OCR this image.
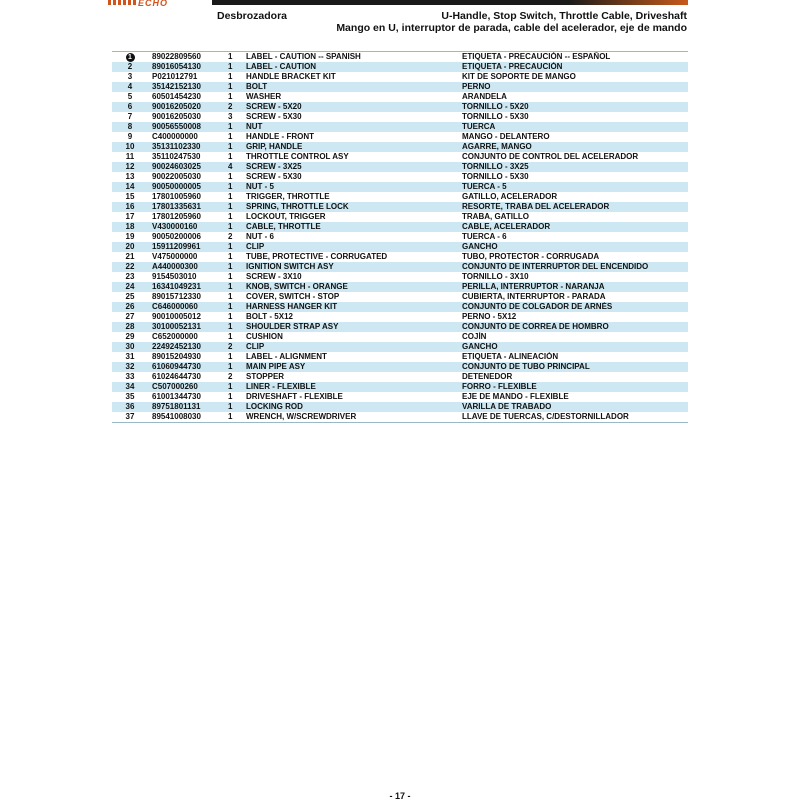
ECHO
Desbrozadora	U-Handle, Stop Switch, Throttle Cable, Driveshaft
Mango en U, interruptor de parada, cable del acelerador, eje de mando
1	89022809560	1	LABEL - CAUTION -- SPANISH	ETIQUETA - PRECAUCIÓN -- ESPAÑOL
2	89016054130	1	LABEL - CAUTION	ETIQUETA - PRECAUCIÓN
3	P021012791	1	HANDLE BRACKET KIT	KIT DE SOPORTE DE MANGO
4	35142152130	1	BOLT	PERNO
5	60501454230	1	WASHER	ARANDELA
6	90016205020	2	SCREW - 5X20	TORNILLO - 5X20
7	90016205030	3	SCREW - 5X30	TORNILLO - 5X30
8	90056550008	1	NUT	TUERCA
9	C400000000	1	HANDLE - FRONT	MANGO - DELANTERO
10	35131102330	1	GRIP, HANDLE	AGARRE, MANGO
11	35110247530	1	THROTTLE CONTROL ASY	CONJUNTO DE CONTROL DEL ACELERADOR
12	90024603025	4	SCREW - 3X25	TORNILLO - 3X25
13	90022005030	1	SCREW - 5X30	TORNILLO - 5X30
14	90050000005	1	NUT - 5	TUERCA - 5
15	17801005960	1	TRIGGER, THROTTLE	GATILLO, ACELERADOR
16	17801335631	1	SPRING, THROTTLE LOCK	RESORTE, TRABA DEL ACELERADOR
17	17801205960	1	LOCKOUT, TRIGGER	TRABA, GATILLO
18	V430000160	1	CABLE, THROTTLE	CABLE, ACELERADOR
19	90050200006	2	NUT - 6	TUERCA - 6
20	15911209961	1	CLIP	GANCHO
21	V475000000	1	TUBE, PROTECTIVE - CORRUGATED	TUBO, PROTECTOR - CORRUGADA
22	A440000300	1	IGNITION SWITCH ASY	CONJUNTO DE INTERRUPTOR DEL ENCENDIDO
23	9154503010	1	SCREW - 3X10	TORNILLO - 3X10
24	16341049231	1	KNOB, SWITCH - ORANGE	PERILLA, INTERRUPTOR - NARANJA
25	89015712330	1	COVER, SWITCH - STOP	CUBIERTA, INTERRUPTOR - PARADA
26	C646000060	1	HARNESS HANGER KIT	CONJUNTO DE COLGADOR DE ARNÉS
27	90010005012	1	BOLT - 5X12	PERNO - 5X12
28	30100052131	1	SHOULDER STRAP ASY	CONJUNTO DE CORREA DE HOMBRO
29	C652000000	1	CUSHION	COJÍN
30	22492452130	2	CLIP	GANCHO
31	89015204930	1	LABEL - ALIGNMENT	ETIQUETA - ALINEACIÓN
32	61060944730	1	MAIN PIPE ASY	CONJUNTO DE TUBO PRINCIPAL
33	61024644730	2	STOPPER	DETENEDOR
34	C507000260	1	LINER - FLEXIBLE	FORRO - FLEXIBLE
35	61001344730	1	DRIVESHAFT - FLEXIBLE	EJE DE MANDO - FLEXIBLE
36	89751801131	1	LOCKING ROD	VARILLA DE TRABADO
37	89541008030	1	WRENCH, W/SCREWDRIVER	LLAVE DE TUERCAS, C/DESTORNILLADOR
- 17 -
